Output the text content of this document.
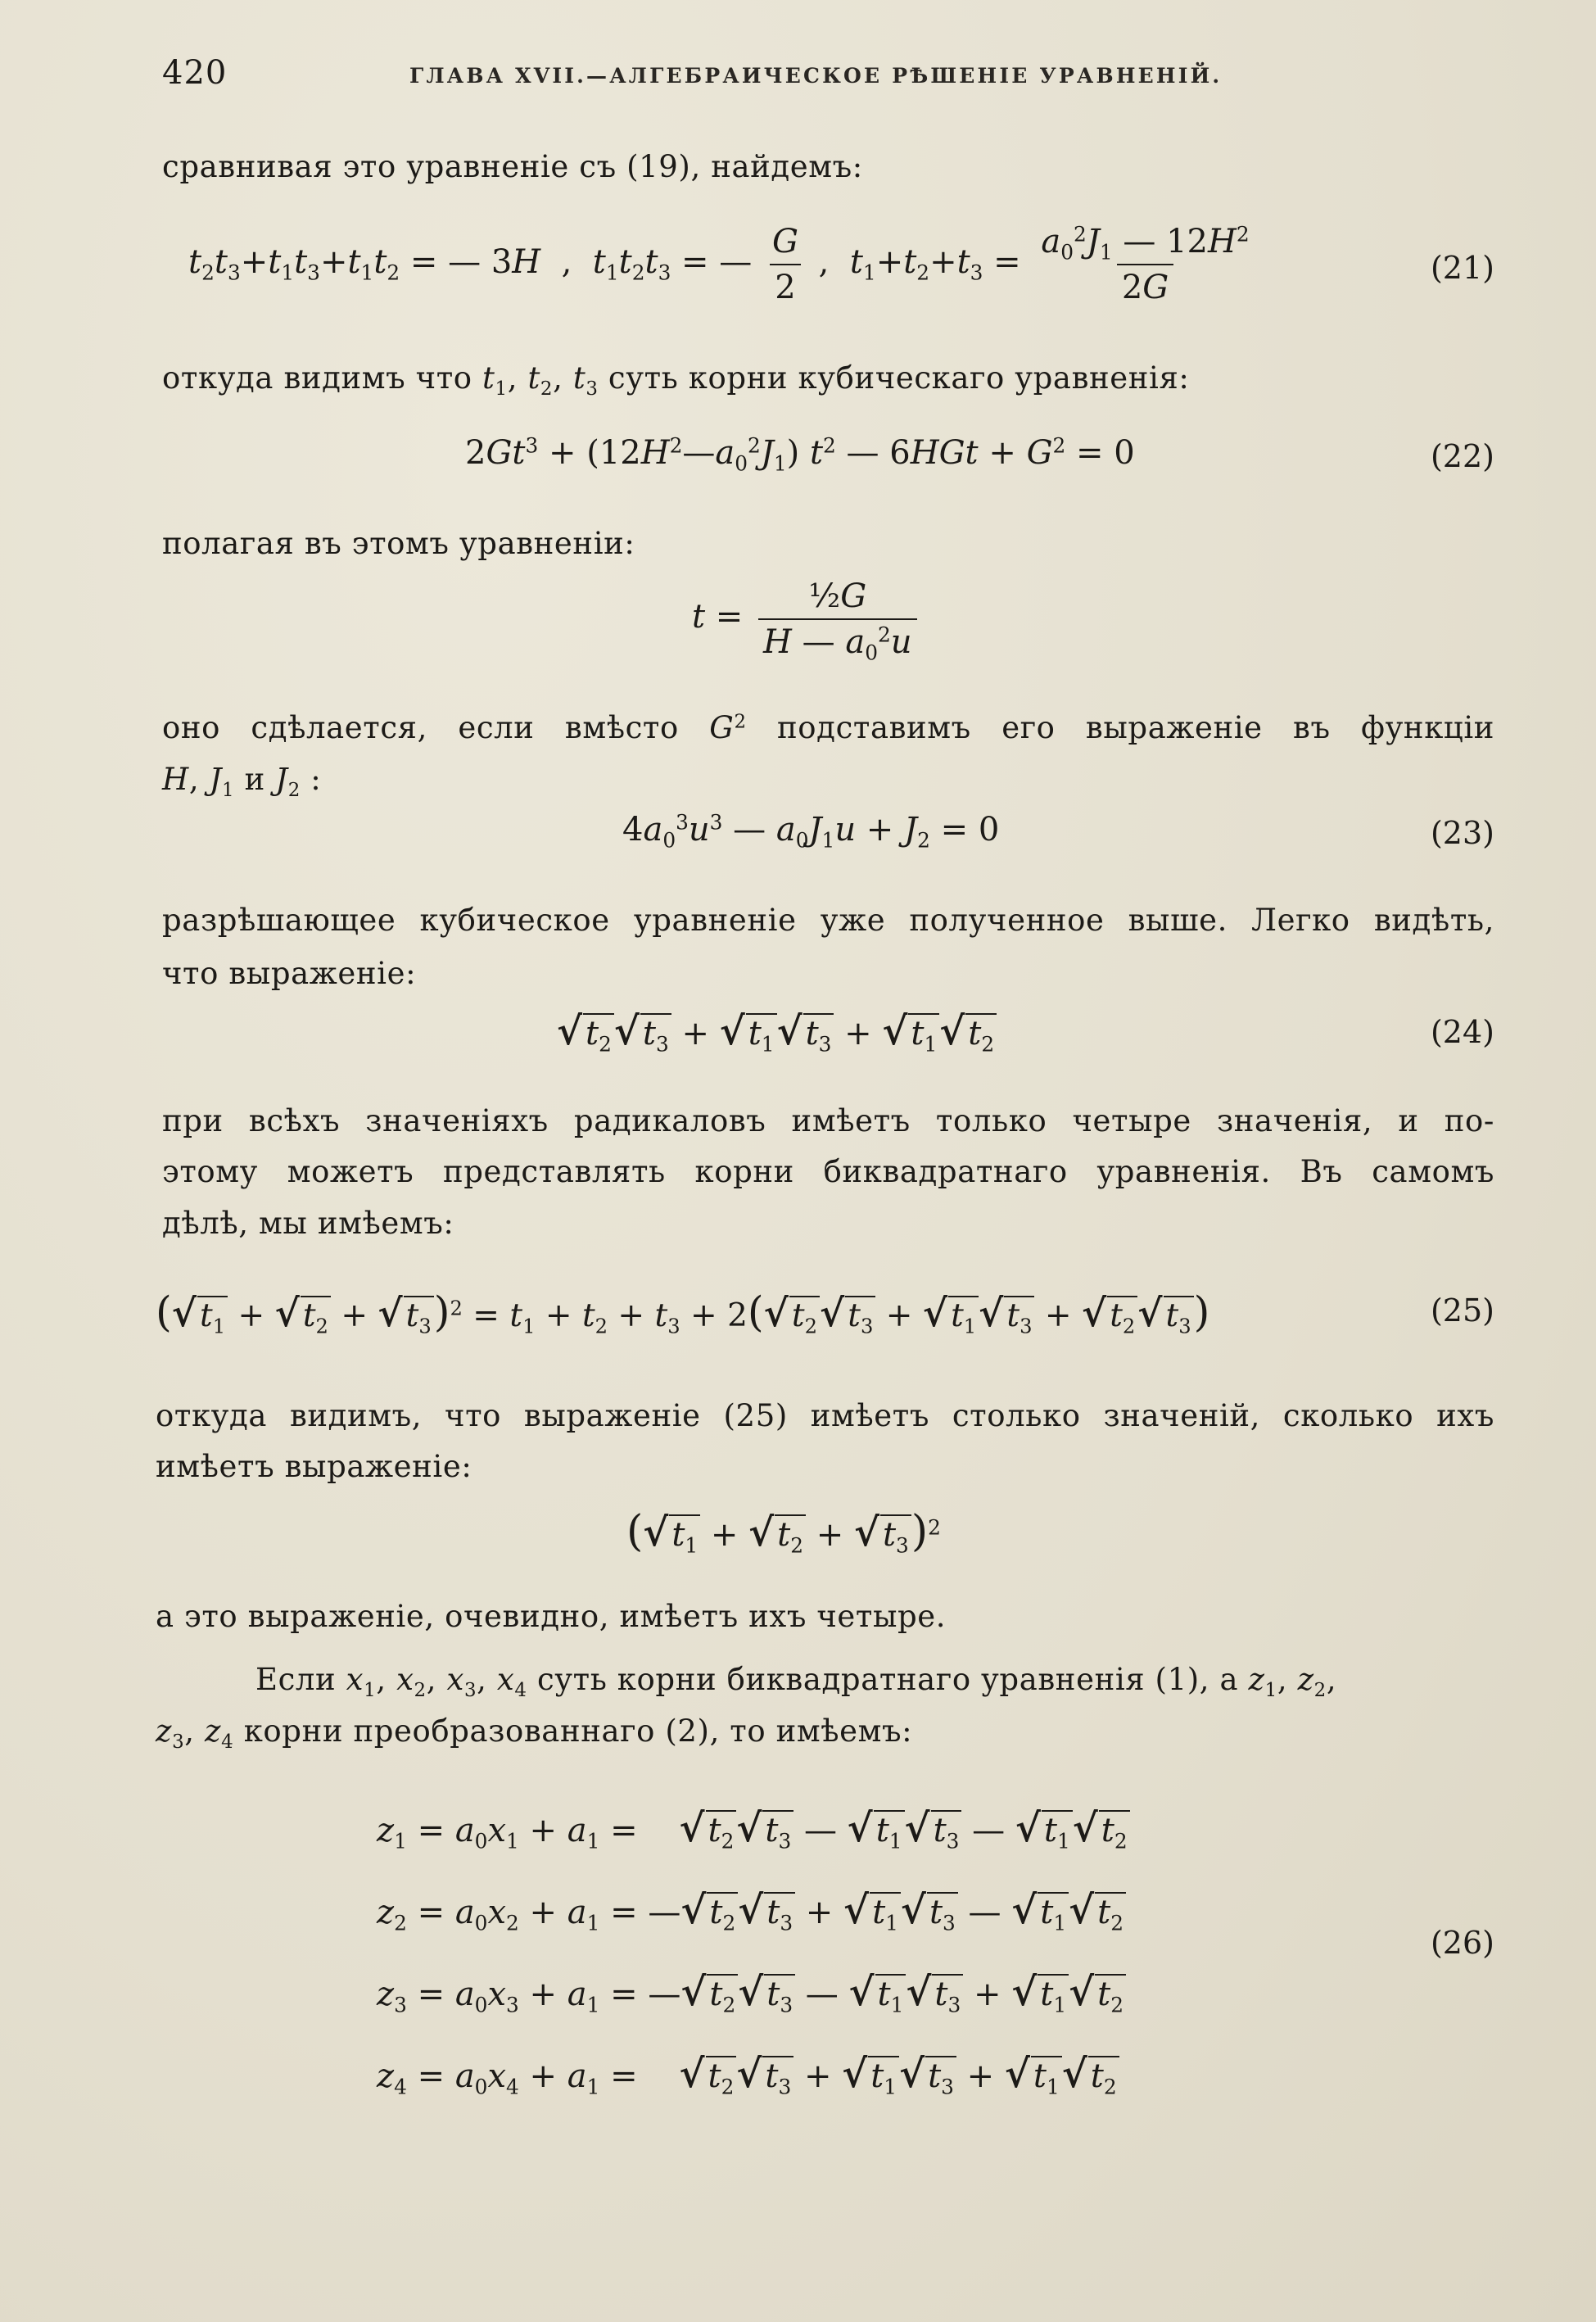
420	ГЛАВА XVII.—АЛГЕБРАИЧЕСКОЕ РѢШЕНІЕ УРАВНЕНІЙ.
сравнивая это уравненіе съ (19), найдемъ:
$t_2t_3+t_1t_3+t_1t_2$ = — 3H  ,  $t_1t_2t_3$ = — $\frac{G}{2}$ ,  $t_1+t_2+t_3 = \frac{a_0^2J_1 — 12H^2}{2G}$	(21)
откуда видимъ что $t_1$, $t_2$, $t_3$ суть корни кубическаго уравненія:
$2Gt^3$ + $(12H^2—a_0^2J_1)$ $t^2$ — $6HGt + G^2 = 0$	(22)
полагая въ этомъ уравненіи:
$t = \frac{\text{½G}}{H — a_0^2u}$
оно сдѣлается, если вмѣсто $G^2$ подставимъ его выраженіе въ функціи
H, $J_1$ и $J_2$ :
$4a_0^3u^3$ — $a_0J_1u + J_2 = 0$	(23)
разрѣшающее кубическое уравненіе уже полученное выше. Легко видѣть,
что выраженіе:
√ $t_2√$ $t_3$ + √ $t_1√$ $t_3$ + √ $t_1√$ $t_2$	(24)
при всѣхъ значеніяхъ радикаловъ имѣетъ только четыре значенія, и по-
этому можетъ представлять корни биквадратнаго уравненія. Въ самомъ
дѣлѣ, мы имѣемъ:
(√ $t_1$ + √ $t_2$ + √ $t_3)^2 = t_1 + t_2 + t_3 + 2(√$ $t_2√$ $t_3$ + √ $t_1√$ $t_3$ + √ $t_2√$ $t_3$)	(25)
откуда видимъ, что выраженіе (25) имѣетъ столько значеній, сколько ихъ
имѣетъ выраженіе:
(√ $t_1$ + √ $t_2$ + √ $t_3)^2$
а это выраженіе, очевидно, имѣетъ ихъ четыре.
Если $x_1$, $x_2$, $x_3$, $x_4$ суть корни биквадратнаго уравненія (1), а $z_1$, $z_2$,
$z_3$, $z_4$ корни преобразованнаго (2), то имѣемъ:
$z_1 = a_0x_1 + a_1$ =    √ $t_2√$ $t_3$ — √ $t_1√$ $t_3$ — √ $t_1√$ $t_2$
$z_2 = a_0x_2 + a_1$ = —√ $t_2√$ $t_3$ + √ $t_1√$ $t_3$ — √ $t_1√$ $t_2$
$z_3 = a_0x_3 + a_1$ = —√ $t_2√$ $t_3$ — √ $t_1√$ $t_3$ + √ $t_1√$ $t_2$
$z_4 = a_0x_4 + a_1$ =    √ $t_2√$ $t_3$ + √ $t_1√$ $t_3$ + √ $t_1√$ $t_2$
(26)
